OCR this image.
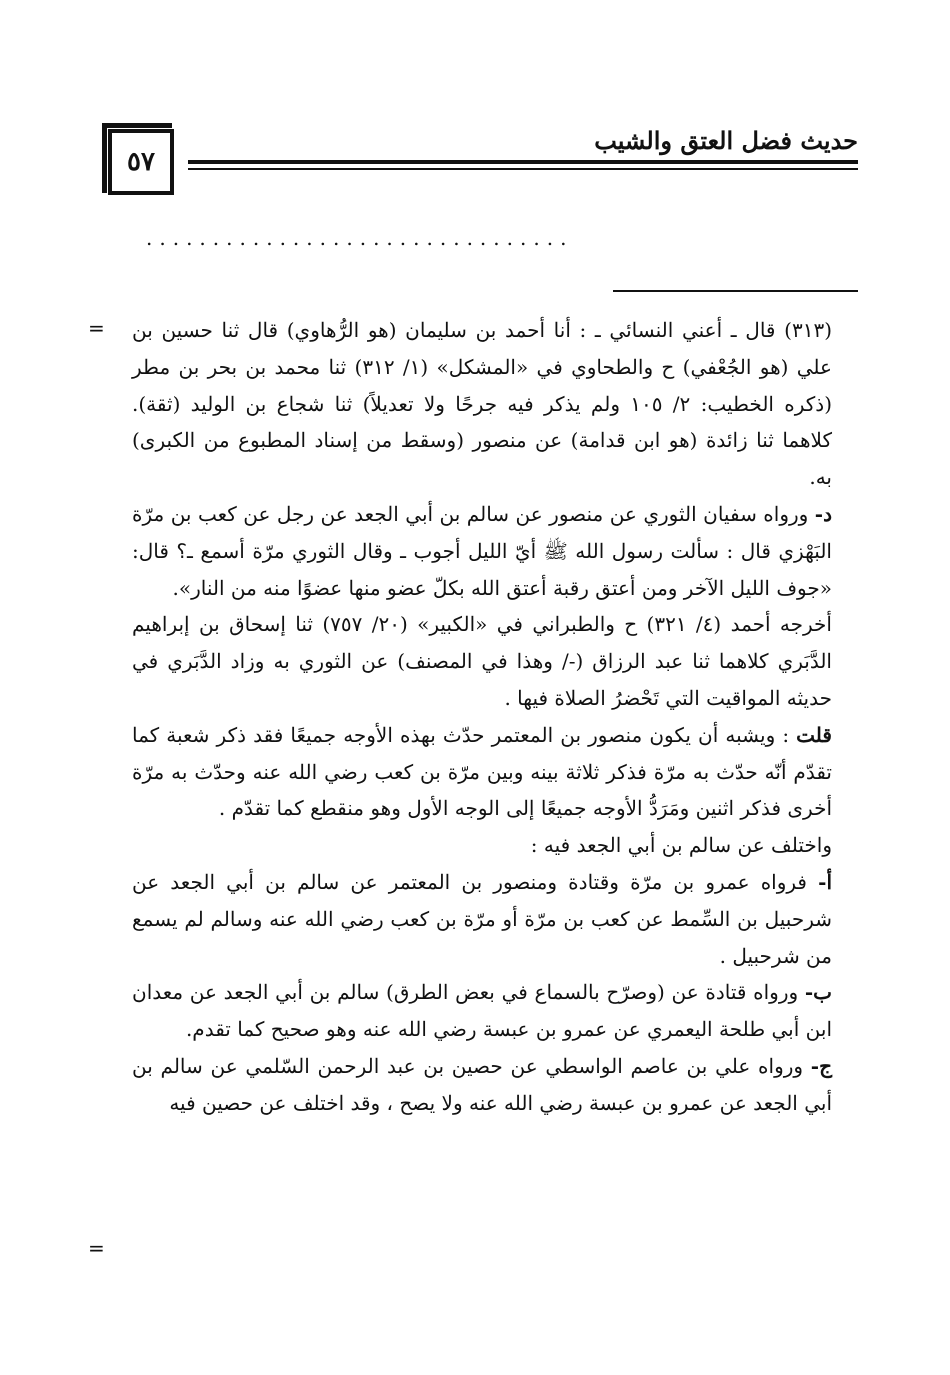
حديث فضل العتق والشيب
٥٧
................................
=
=

(٣١٣) قال ـ أعني النسائي ـ : أنا أحمد بن سليمان (هو الرُّهاوي) قال ثنا حسين بن علي (هو الجُعْفي) ح والطحاوي في «المشكل» (١/ ٣١٢) ثنا محمد بن بحر بن مطر (ذكره الخطيب: ٢/ ١٠٥ ولم يذكر فيه جرحًا ولا تعديلاً) ثنا شجاع بن الوليد (ثقة). كلاهما ثنا زائدة (هو ابن قدامة) عن منصور (وسقط من إسناد المطبوع من الكبرى) به.

د- ورواه سفيان الثوري عن منصور عن سالم بن أبي الجعد عن رجل عن كعب بن مرّة البَهْزي قال : سألت رسول الله ﷺ أيّ الليل أجوب ـ وقال الثوري مرّة أسمع ـ؟ قال: «جوف الليل الآخر ومن أعتق رقبة أعتق الله بكلّ عضو منها عضوًا منه من النار».

أخرجه أحمد (٤/ ٣٢١) ح والطبراني في «الكبير» (٢٠/ ٧٥٧) ثنا إسحاق بن إبراهيم الدَّبَري كلاهما ثنا عبد الرزاق (-/ وهذا في المصنف) عن الثوري به وزاد الدَّبَري في حديثه المواقيت التي تَحْضرُ الصلاة فيها .

قلت : ويشبه أن يكون منصور بن المعتمر حدّث بهذه الأوجه جميعًا فقد ذكر شعبة كما تقدّم أنّه حدّث به مرّة فذكر ثلاثة بينه وبين مرّة بن كعب رضي الله عنه وحدّث به مرّة أخرى فذكر اثنين ومَرَدُّ الأوجه جميعًا إلى الوجه الأول وهو منقطع كما تقدّم .

واختلف عن سالم بن أبي الجعد فيه :

أ- فرواه عمرو بن مرّة وقتادة ومنصور بن المعتمر عن سالم بن أبي الجعد عن شرحبيل بن السِّمط عن كعب بن مرّة أو مرّة بن كعب رضي الله عنه وسالم لم يسمع من شرحبيل .

ب- ورواه قتادة عن (وصرّح بالسماع في بعض الطرق) سالم بن أبي الجعد عن معدان ابن أبي طلحة اليعمري عن عمرو بن عبسة رضي الله عنه وهو صحيح كما تقدم.

ج- ورواه علي بن عاصم الواسطي عن حصين بن عبد الرحمن السّلمي عن سالم بن أبي الجعد عن عمرو بن عبسة رضي الله عنه ولا يصح ، وقد اختلف عن حصين فيه
